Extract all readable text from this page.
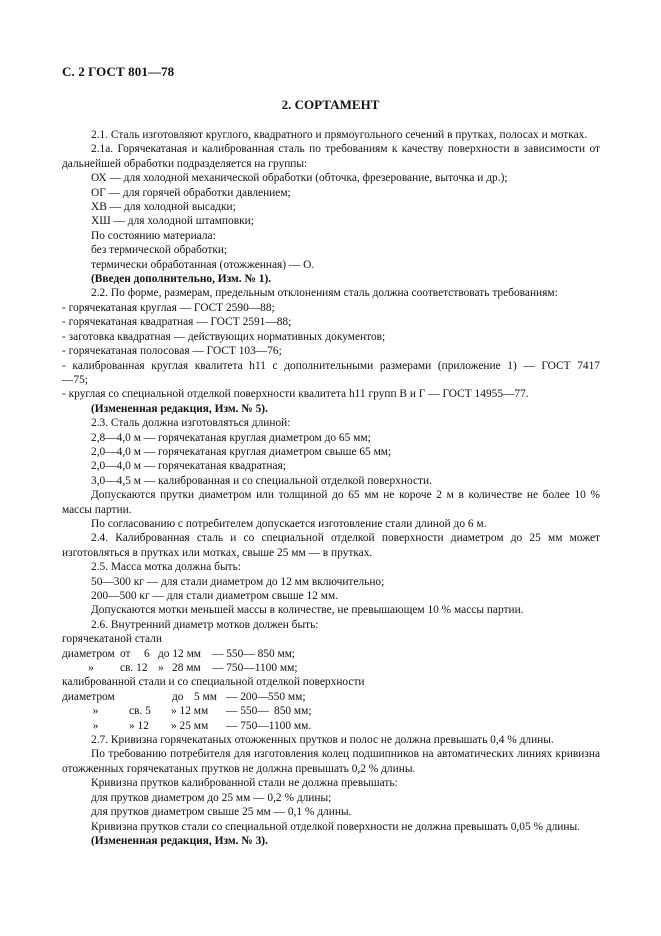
С. 2 ГОСТ 801—78
2. СОРТАМЕНТ

2.1. Сталь изготовляют круглого, квадратного и прямоугольного сечений в прутках, полосах и мотках.

2.1а. Горячекатаная и калиброванная сталь по требованиям к качеству поверхности в зависимости от дальнейшей обработки подразделяется на группы:

ОХ — для холодной механической обработки (обточка, фрезерование, выточка и др.);

ОГ — для горячей обработки давлением;

ХВ — для холодной высадки;

ХШ — для холодной штамповки;

По состоянию материала:

без термической обработки;

термически обработанная (отожженная) — О.

(Введен дополнительно, Изм. № 1).

2.2. По форме, размерам, предельным отклонениям сталь должна соответствовать требованиям:

- горячекатаная круглая — ГОСТ 2590—88;

- горячекатаная квадратная — ГОСТ 2591—88;

- заготовка квадратная — действующих нормативных документов;

- горячекатаная полосовая — ГОСТ 103—76;

- калиброванная круглая квалитета h11 с дополнительными размерами (приложение 1) — ГОСТ 7417—75;

- круглая со специальной отделкой поверхности квалитета h11 групп В и Г — ГОСТ 14955—77.

(Измененная редакция, Изм. № 5).

2.3. Сталь должна изготовляться длиной:

2,8—4,0 м — горячекатаная круглая диаметром до 65 мм;

2,0—4,0 м — горячекатаная круглая диаметром свыше 65 мм;

2,0—4,0 м — горячекатаная квадратная;

3,0—4,5 м — калиброванная и со специальной отделкой поверхности.

Допускаются прутки диаметром или толщиной до 65 мм не короче 2 м в количестве не более 10 % массы партии.

По согласованию с потребителем допускается изготовление стали длиной до 6 м.

2.4. Калиброванная сталь и со специальной отделкой поверхности диаметром до 25 мм может изготовляться в прутках или мотках, свыше 25 мм — в прутках.

2.5. Масса мотка должна быть:

50—300 кг — для стали диаметром до 12 мм включительно;

200—500 кг — для стали диаметром свыше 12 мм.

Допускаются мотки меньшей массы в количестве, не превышающем 10 % массы партии.

2.6. Внутренний диаметр мотков должен быть:

горячекатаной стали

диаметром от	6 до 12 мм — 550— 850 мм;
»	св. 12 » 28 мм — 750—1100 мм;

калиброванной стали и со специальной отделкой поверхности

диаметром	до 5 мм — 200— 550 мм;
»	св. 5	» 12 мм	— 550— 850 мм;
»	» 12	» 25 мм	— 750—1100 мм.

2.7. Кривизна горячекатаных отожженных прутков и полос не должна превышать 0,4 % длины.

По требованию потребителя для изготовления колец подшипников на автоматических линиях кривизна отожженных горячекатаных прутков не должна превышать 0,2 % длины.

Кривизна прутков калиброванной стали не должна превышать:

для прутков диаметром до 25 мм — 0,2 % длины;

для прутков диаметром свыше 25 мм — 0,1 % длины.

Кривизна прутков стали со специальной отделкой поверхности не должна превышать 0,05 % длины.

(Измененная редакция, Изм. № 3).
